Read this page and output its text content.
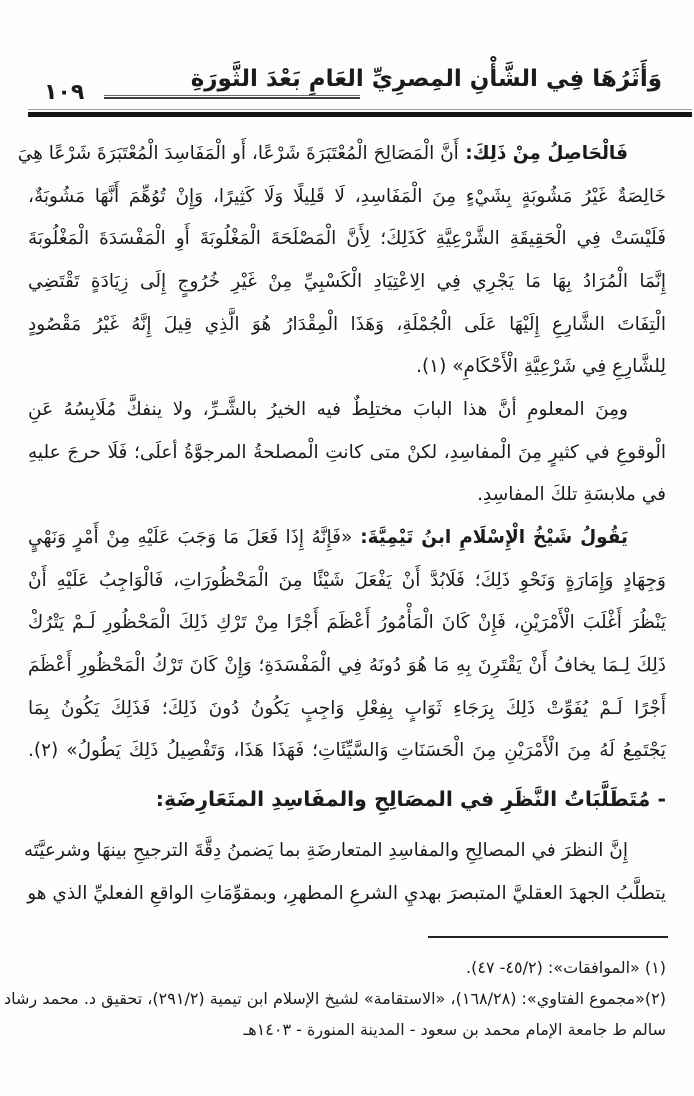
وَأَثَرُهَا فِي الشَّأْنِ المِصرِيِّ العَامِ بَعْدَ الثَّورَةِ
١٠٩
فَالْحَاصِلُ مِنْ ذَلِكَ: أَنَّ الْمَصَالِحَ الْمُعْتَبَرَةَ شَرْعًا، أَو الْمَفَاسِدَ الْمُعْتَبَرَةَ شَرْعًا هِيَ
خَالِصَةٌ غَيْرُ مَشُوبَةٍ بِشَيْءٍ مِنَ الْمَفَاسِدِ، لَا قَلِيلًا وَلَا كَثِيرًا، وَإِنْ تُوُهِّمَ أَنَّهَا مَشُوبَةٌ،
فَلَيْسَتْ فِي الْحَقِيقَةِ الشَّرْعِيَّةِ كَذَلِكَ؛ لِأَنَّ الْمَصْلَحَةَ الْمَغْلُوبَةَ أَوِ الْمَفْسَدَةَ الْمَغْلُوبَةَ
إِنَّمَا الْمُرَادُ بِهَا مَا يَجْرِي فِي الِاعْتِيَادِ الْكَسْبِيِّ مِنْ غَيْرِ خُرُوجٍ إِلَى زِيَادَةٍ تَقْتَضِي
الْتِفَاتَ الشَّارِعِ إِلَيْهَا عَلَى الْجُمْلَةِ، وَهَذَا الْمِقْدَارُ هُوَ الَّذِي قِيلَ إِنَّهُ غَيْرُ مَقْصُودٍ
لِلشَّارِعِ فِي شَرْعِيَّةِ الْأَحْكَامِ» (١).
ومِنَ المعلومِ أنَّ هذا البابَ مختلِطٌ فيه الخيرُ بالشَّـرِّ، ولا ينفكَّ مُلَابِسُهُ عَنِ
الْوقوعِ في كثيرٍ مِنَ الْمفاسِدِ، لكنْ متى كانتِ الْمصلحةُ المرجوَّةُ أعلَى؛ فَلَا حرجَ عليهِ
في ملابسَةِ تلكَ المفاسِدِ.
يَقُولُ شَيْخُ الْإِسْلَامِ ابنُ تَيْمِيَّةَ: «فَإِنَّهُ إِذَا فَعَلَ مَا وَجَبَ عَلَيْهِ مِنْ أَمْرٍ وَنَهْيٍ
وَجِهَادٍ وَإِمَارَةٍ وَنَحْوِ ذَلِكَ؛ فَلَابُدَّ أَنْ يَفْعَلَ شَيْئًا مِنَ الْمَحْظُورَاتِ، فَالْوَاجِبُ عَلَيْهِ أَنْ
يَنْظُرَ أَغْلَبَ الْأَمْرَيْنِ، فَإِنْ كَانَ الْمَأْمُورُ أَعْظَمَ أَجْرًا مِنْ تَرْكِ ذَلِكَ الْمَحْظُورِ لَـمْ يَتْرُكْ
ذَلِكَ لِـمَا يخافُ أَنْ يَقْتَرِنَ بِهِ مَا هُوَ دُونَهُ فِي الْمَفْسَدَةِ؛ وَإِنْ كَانَ تَرْكُ الْمَحْظُورِ أَعْظَمَ
أَجْرًا لَـمْ يُفَوِّتْ ذَلِكَ بِرَجَاءِ ثَوَابٍ بِفِعْلِ وَاجِبٍ يَكُونُ دُونَ ذَلِكَ؛ فَذَلِكَ يَكُونُ بِمَا
يَجْتَمِعُ لَهُ مِنَ الْأَمْرَيْنِ مِنَ الْحَسَنَاتِ وَالسَّيِّئَاتِ؛ فَهَذَا هَذَا، وَتَفْصِيلُ ذَلِكَ يَطُولُ» (٢).
- مُتَطَلَّبَاتُ النَّظَرِ في المصَالِحِ والمفَاسِدِ المتَعَارِضَةِ:
إِنَّ النظرَ في المصالِحِ والمفاسِدِ المتعارضَةِ بما يَضمنُ دِقَّةَ الترجيحِ بينهَا وشرعيَّتَه
يتطلَّبُ الجهدَ العقليَّ المتبصرَ بهديِ الشرعِ المطهرِ، وبمقوِّمَاتِ الواقعِ الفعليِّ الذي هو
(١) «الموافقات»: (٤٥/٢- ٤٧).
(٢)«مجموع الفتاوي»: (١٦٨/٢٨)، «الاستقامة» لشيخ الإسلام ابن تيمية (٢٩١/٢)، تحقيق د. محمد رشاد
سالم ط جامعة الإمام محمد بن سعود - المدينة المنورة - ١٤٠٣هـ
